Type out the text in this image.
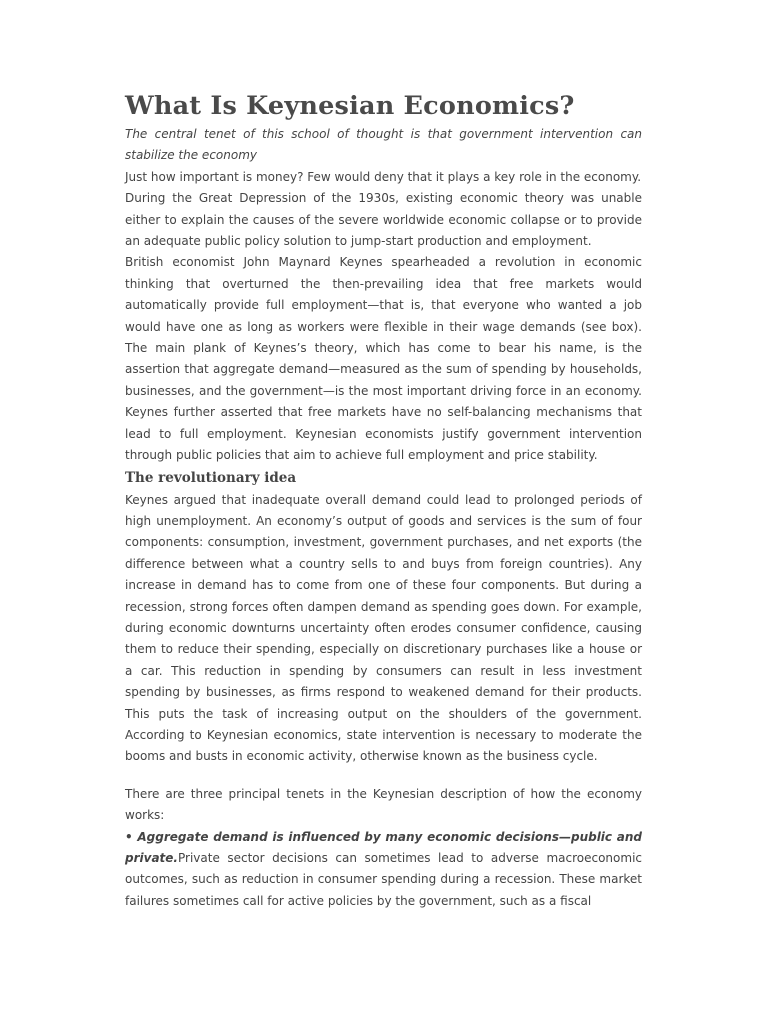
What Is Keynesian Economics?

The central tenet of this school of thought is that government intervention can stabilize the economy

Just how important is money? Few would deny that it plays a key role in the economy.

During the Great Depression of the 1930s, existing economic theory was unable either to explain the causes of the severe worldwide economic collapse or to provide an adequate public policy solution to jump-start production and employment.

British economist John Maynard Keynes spearheaded a revolution in economic thinking that overturned the then-prevailing idea that free markets would automatically provide full employment—that is, that everyone who wanted a job would have one as long as workers were flexible in their wage demands (see box). The main plank of Keynes’s theory, which has come to bear his name, is the assertion that aggregate demand—measured as the sum of spending by households, businesses, and the government—is the most important driving force in an economy. Keynes further asserted that free markets have no self-balancing mechanisms that lead to full employment. Keynesian economists justify government intervention through public policies that aim to achieve full employment and price stability.

The revolutionary idea

Keynes argued that inadequate overall demand could lead to prolonged periods of high unemployment. An economy’s output of goods and services is the sum of four components: consumption, investment, government purchases, and net exports (the difference between what a country sells to and buys from foreign countries). Any increase in demand has to come from one of these four components. But during a recession, strong forces often dampen demand as spending goes down. For example, during economic downturns uncertainty often erodes consumer confidence, causing them to reduce their spending, especially on discretionary purchases like a house or a car. This reduction in spending by consumers can result in less investment spending by businesses, as firms respond to weakened demand for their products. This puts the task of increasing output on the shoulders of the government. According to Keynesian economics, state intervention is necessary to moderate the booms and busts in economic activity, otherwise known as the business cycle.

There are three principal tenets in the Keynesian description of how the economy works:

• Aggregate demand is influenced by many economic decisions—public and private.Private sector decisions can sometimes lead to adverse macroeconomic outcomes, such as reduction in consumer spending during a recession. These market failures sometimes call for active policies by the government, such as a fiscal
